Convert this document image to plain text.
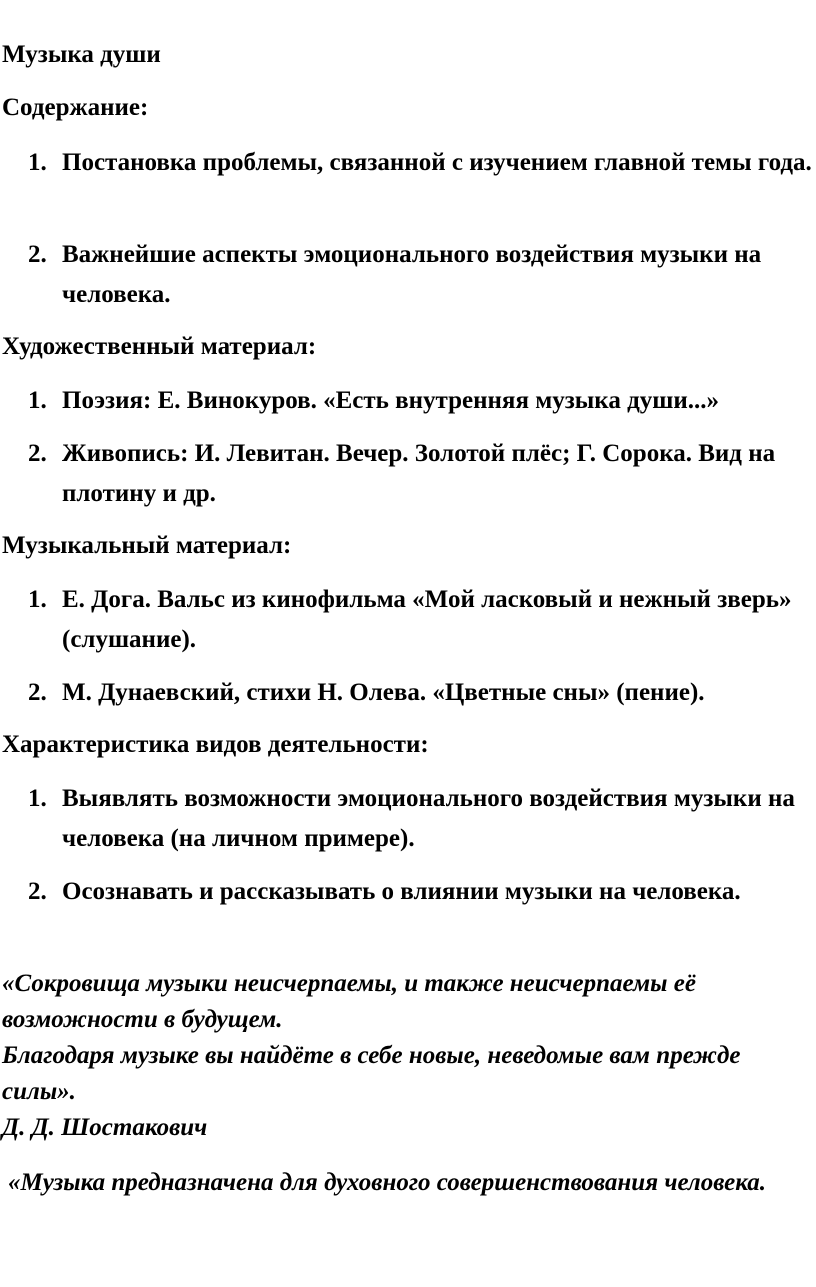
Музыка души
Содержание:
1. Постановка проблемы, связанной с изучением главной темы года.
2. Важнейшие аспекты эмоционального воздействия музыки на человека.
Художественный материал:
1. Поэзия: Е. Винокуров. «Есть внутренняя музыка души...»
2. Живопись: И. Левитан. Вечер. Золотой плёс; Г. Сорока. Вид на плотину и др.
Музыкальный материал:
1. Е. Дога. Вальс из кинофильма «Мой ласковый и нежный зверь» (слушание).
2. М. Дунаевский, стихи Н. Олева. «Цветные сны» (пение).
Характеристика видов деятельности:
1. Выявлять возможности эмоционального воздействия музыки на человека (на личном примере).
2. Осознавать и рассказывать о влиянии музыки на человека.
«Сокровища музыки неисчерпаемы, и также неисчерпаемы её возможности в будущем.
Благодаря музыке вы найдёте в себе новые, неведомые вам прежде силы».
Д. Д. Шостакович
«Музыка предназначена для духовного совершенствования человека.
